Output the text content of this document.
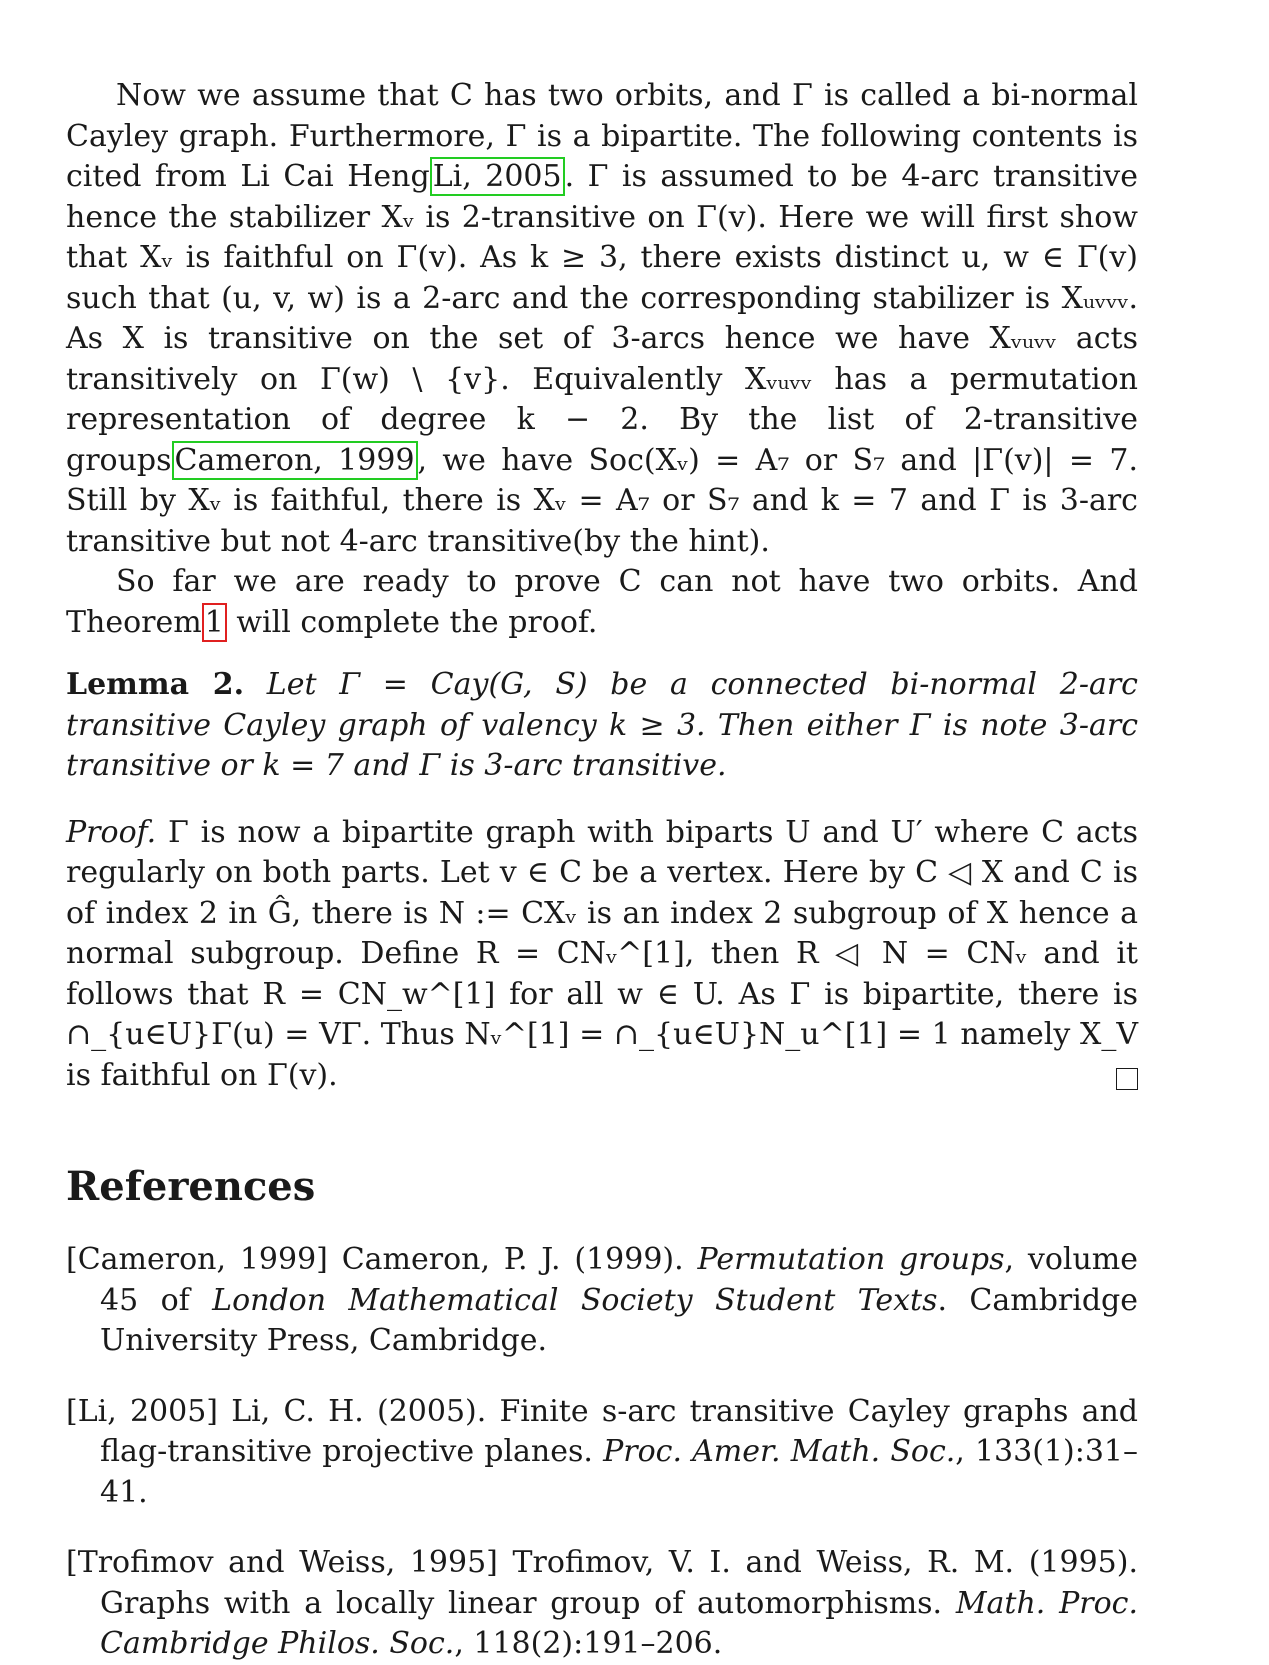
Now we assume that C has two orbits, and Γ is called a bi-normal Cayley graph. Furthermore, Γ is a bipartite. The following contents is cited from Li Cai Heng Li, 2005 . Γ is assumed to be 4-arc transitive hence the stabilizer Xᵥ is 2-transitive on Γ(v). Here we will first show that Xᵥ is faithful on Γ(v). As k ≥ 3, there exists distinct u, w ∈ Γ(v) such that (u, v, w) is a 2-arc and the corresponding stabilizer is Xᵤᵥᵥᵥ. As X is transitive on the set of 3-arcs hence we have Xᵥᵤᵥᵥ acts transitively on Γ(w) \ {v}. Equivalently Xᵥᵤᵥᵥ has a permutation representation of degree k − 2. By the list of 2-transitive groups Cameron, 1999 , we have Soc(Xᵥ) = A₇ or S₇ and |Γ(v)| = 7. Still by Xᵥ is faithful, there is Xᵥ = A₇ or S₇ and k = 7 and Γ is 3-arc transitive but not 4-arc transitive(by the hint).

So far we are ready to prove C can not have two orbits. And Theorem 1 will complete the proof.

Lemma 2. Let Γ = Cay(G, S) be a connected bi-normal 2-arc transitive Cayley graph of valency k ≥ 3. Then either Γ is note 3-arc transitive or k = 7 and Γ is 3-arc transitive.

Proof. Γ is now a bipartite graph with biparts U and U′ where C acts regularly on both parts. Let v ∈ C be a vertex. Here by C ◁ X and C is of index 2 in Ĝ, there is N := CXᵥ is an index 2 subgroup of X hence a normal subgroup. Define R = CNᵥ^[1], then R ◁ N = CNᵥ and it follows that R = CN_w^[1] for all w ∈ U. As Γ is bipartite, there is ∩_{u∈U}Γ(u) = VΓ. Thus Nᵥ^[1] = ∩_{u∈U}N_u^[1] = 1 namely X_V is faithful on Γ(v).

References

[Cameron, 1999] Cameron, P. J. (1999). Permutation groups, volume 45 of London Mathematical Society Student Texts. Cambridge University Press, Cambridge.

[Li, 2005] Li, C. H. (2005). Finite s-arc transitive Cayley graphs and flag-transitive projective planes. Proc. Amer. Math. Soc., 133(1):31–41.

[Trofimov and Weiss, 1995] Trofimov, V. I. and Weiss, R. M. (1995). Graphs with a locally linear group of automorphisms. Math. Proc. Cambridge Philos. Soc., 118(2):191–206.
